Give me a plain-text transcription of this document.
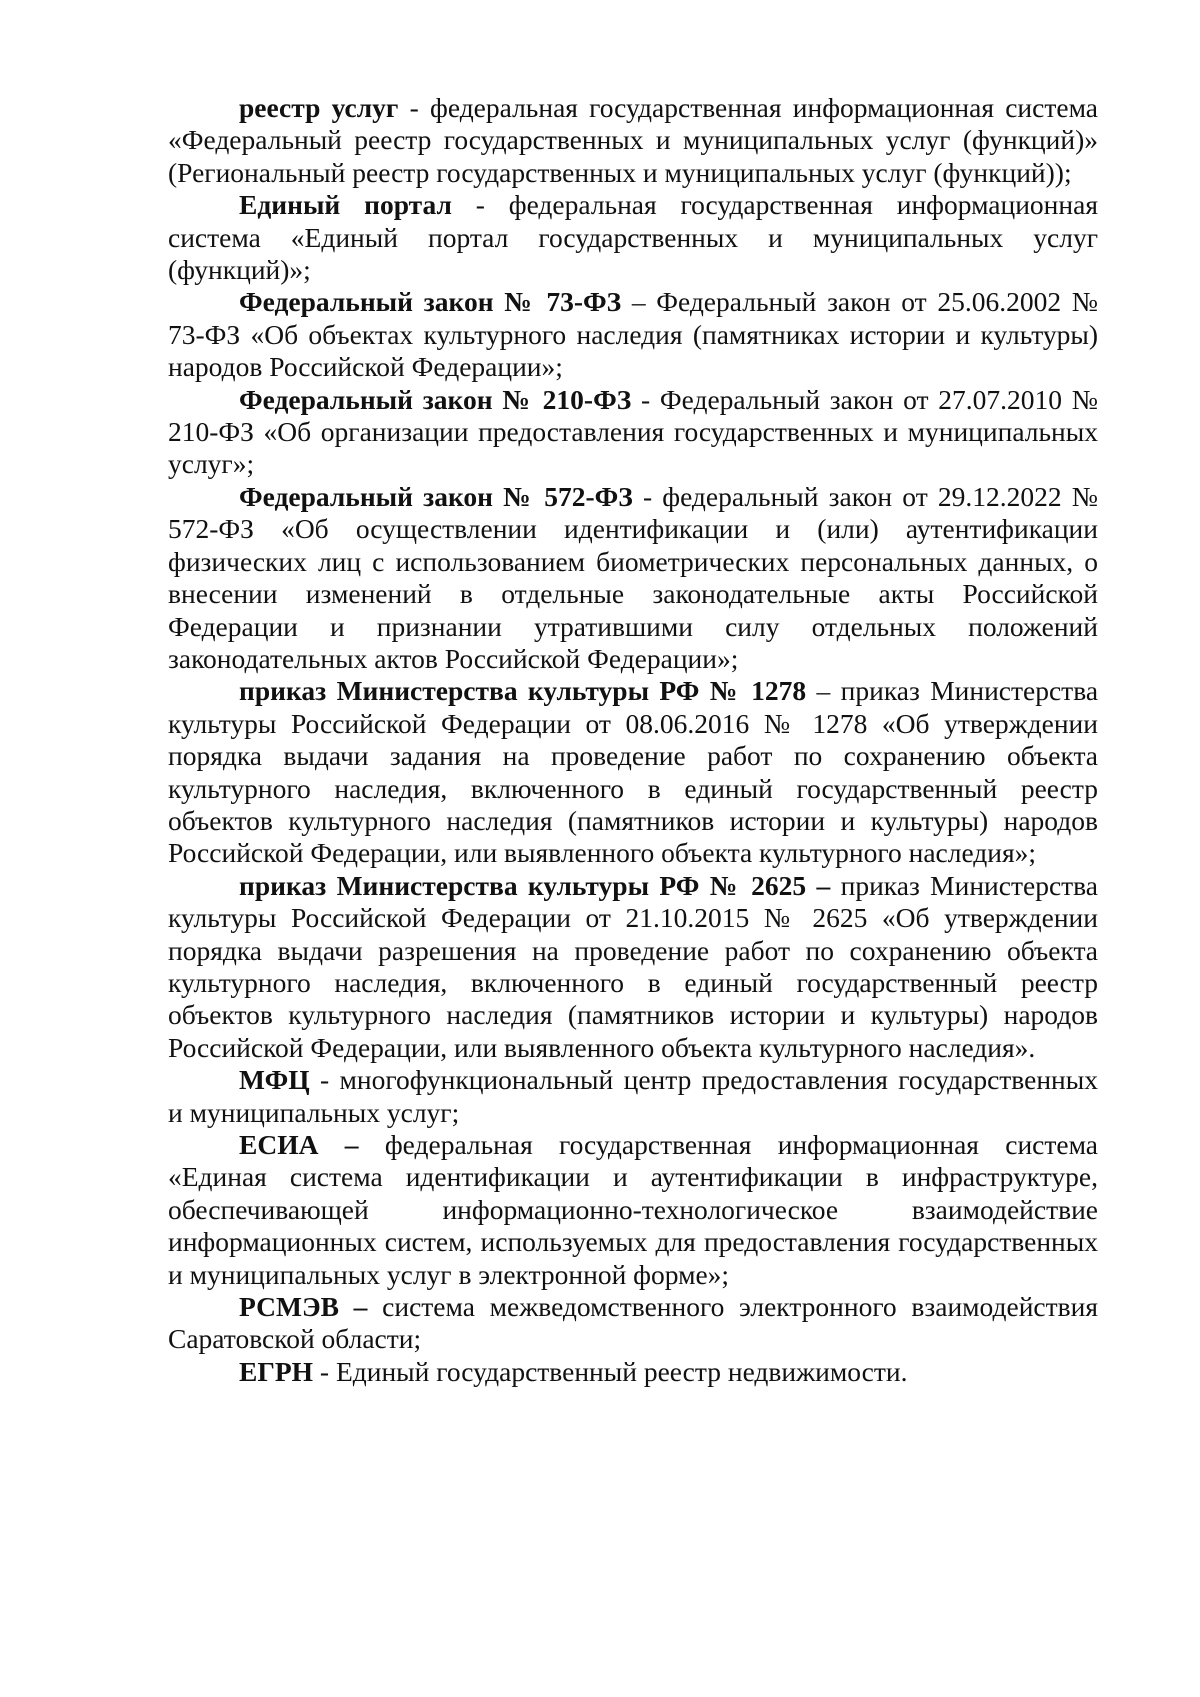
реестр услуг - федеральная государственная информационная система «Федеральный реестр государственных и муниципальных услуг (функций)» (Региональный реестр государственных и муниципальных услуг (функций));

Единый портал - федеральная государственная информационная система «Единый портал государственных и муниципальных услуг (функций)»;

Федеральный закон № 73-ФЗ – Федеральный закон от 25.06.2002 № 73-ФЗ «Об объектах культурного наследия (памятниках истории и культуры) народов Российской Федерации»;

Федеральный закон № 210-ФЗ - Федеральный закон от 27.07.2010 № 210-ФЗ «Об организации предоставления государственных и муниципальных услуг»;

Федеральный закон № 572-ФЗ - федеральный закон от 29.12.2022 № 572-ФЗ «Об осуществлении идентификации и (или) аутентификации физических лиц с использованием биометрических персональных данных, о внесении изменений в отдельные законодательные акты Российской Федерации и признании утратившими силу отдельных положений законодательных актов Российской Федерации»;

приказ Министерства культуры РФ № 1278 – приказ Министерства культуры Российской Федерации от 08.06.2016 № 1278 «Об утверждении порядка выдачи задания на проведение работ по сохранению объекта культурного наследия, включенного в единый государственный реестр объектов культурного наследия (памятников истории и культуры) народов Российской Федерации, или выявленного объекта культурного наследия»;

приказ Министерства культуры РФ № 2625 – приказ Министерства культуры Российской Федерации от 21.10.2015 № 2625 «Об утверждении порядка выдачи разрешения на проведение работ по сохранению объекта культурного наследия, включенного в единый государственный реестр объектов культурного наследия (памятников истории и культуры) народов Российской Федерации, или выявленного объекта культурного наследия».

МФЦ - многофункциональный центр предоставления государственных и муниципальных услуг;

ЕСИА – федеральная государственная информационная система «Единая система идентификации и аутентификации в инфраструктуре, обеспечивающей информационно-технологическое взаимодействие информационных систем, используемых для предоставления государственных и муниципальных услуг в электронной форме»;

РСМЭВ – система межведомственного электронного взаимодействия Саратовской области;

ЕГРН - Единый государственный реестр недвижимости.
